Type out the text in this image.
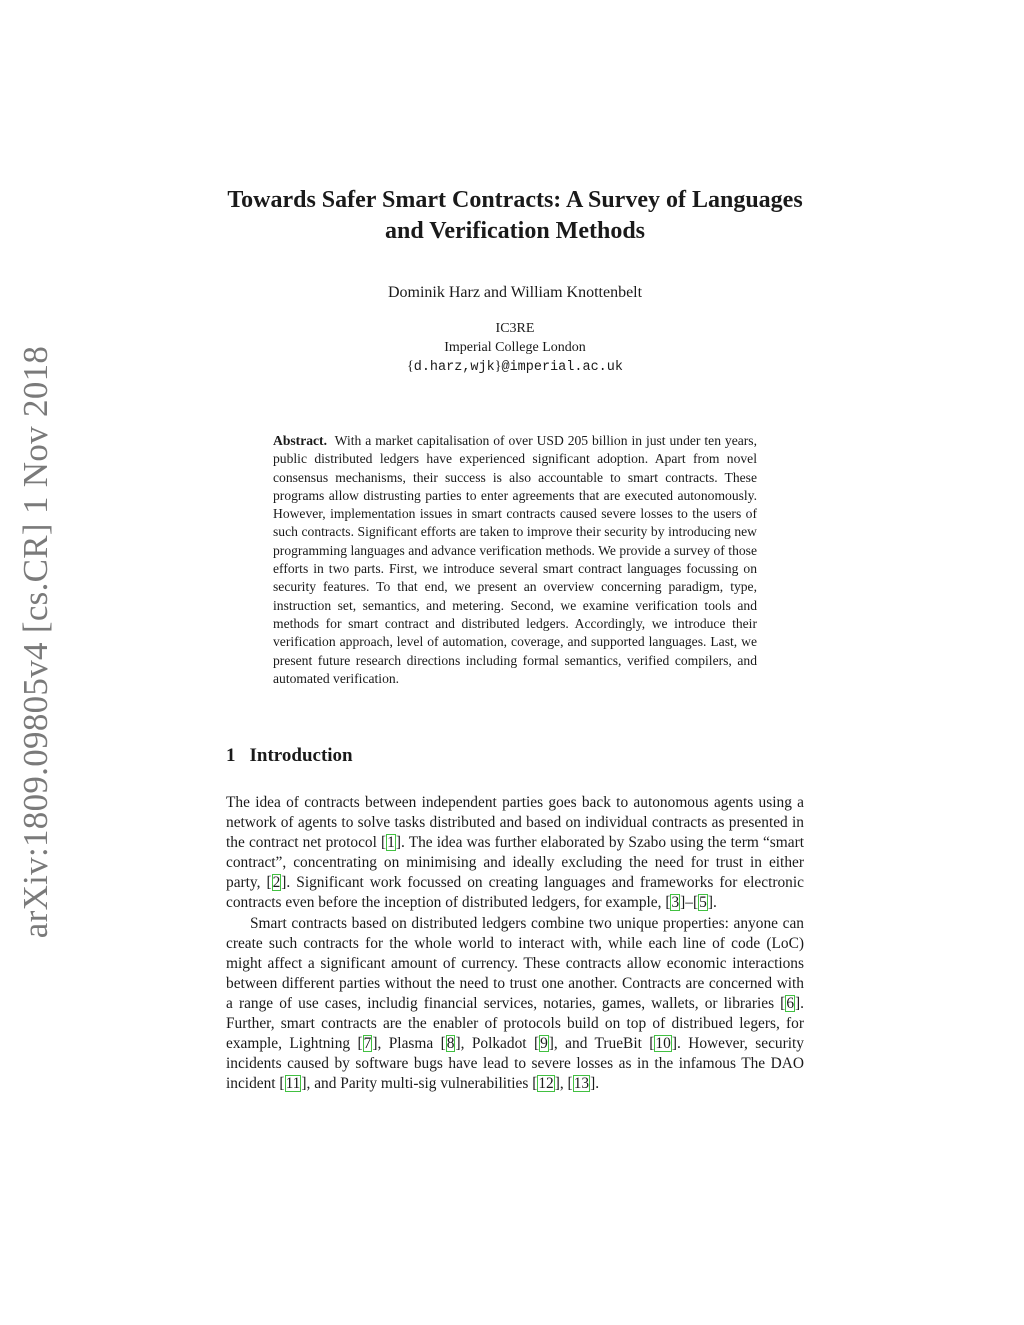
arXiv:1809.09805v4 [cs.CR] 1 Nov 2018
Towards Safer Smart Contracts: A Survey of Languages
and Verification Methods

Dominik Harz and William Knottenbelt

IC3RE
Imperial College London
{d.harz,wjk}@imperial.ac.uk

Abstract. With a market capitalisation of over USD 205 billion in just under ten years, public distributed ledgers have experienced significant adoption. Apart from novel consensus mechanisms, their success is also accountable to smart contracts. These programs allow distrusting parties to enter agreements that are executed autonomously. However, implementation issues in smart contracts caused severe losses to the users of such contracts. Significant efforts are taken to improve their security by introducing new programming languages and advance verification methods. We provide a survey of those efforts in two parts. First, we introduce several smart contract languages focussing on security features. To that end, we present an overview concerning paradigm, type, instruction set, semantics, and metering. Second, we examine verification tools and methods for smart contract and distributed ledgers. Accordingly, we introduce their verification approach, level of automation, coverage, and supported languages. Last, we present future research directions including formal semantics, verified compilers, and automated verification.

1 Introduction

The idea of contracts between independent parties goes back to autonomous agents using a network of agents to solve tasks distributed and based on individual contracts as presented in the contract net protocol [1]. The idea was further elaborated by Szabo using the term “smart contract”, concentrating on minimising and ideally excluding the need for trust in either party, [2]. Significant work focussed on creating languages and frameworks for electronic contracts even before the inception of distributed ledgers, for example, [3]–[5].

Smart contracts based on distributed ledgers combine two unique properties: anyone can create such contracts for the whole world to interact with, while each line of code (LoC) might affect a significant amount of currency. These contracts allow economic interactions between different parties without the need to trust one another. Contracts are concerned with a range of use cases, includig financial services, notaries, games, wallets, or libraries [6]. Further, smart contracts are the enabler of protocols build on top of distribued legers, for example, Lightning [7], Plasma [8], Polkadot [9], and TrueBit [10]. However, security incidents caused by software bugs have lead to severe losses as in the infamous The DAO incident [11], and Parity multi-sig vulnerabilities [12], [13].
